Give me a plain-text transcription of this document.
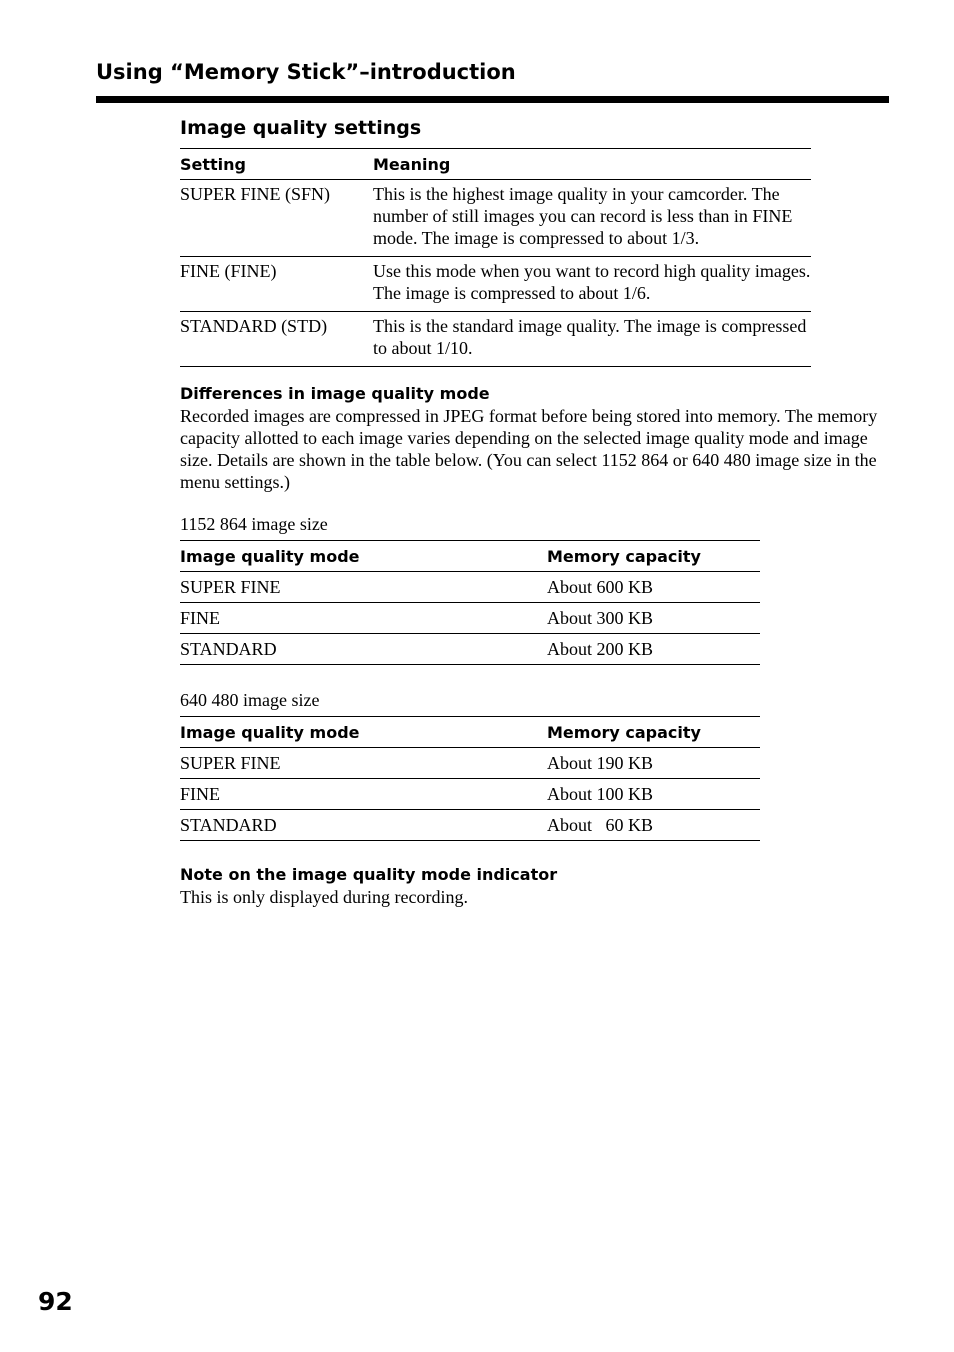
Using “Memory Stick”–introduction
Image quality settings
Setting	Meaning
SUPER FINE (SFN)	This is the highest image quality in your camcorder. The number of still images you can record is less than in FINE mode. The image is compressed to about 1/3.
FINE (FINE)	Use this mode when you want to record high quality images. The image is compressed to about 1/6.
STANDARD (STD)	This is the standard image quality. The image is compressed to about 1/10.
Differences in image quality mode
Recorded images are compressed in JPEG format before being stored into memory. The memory capacity allotted to each image varies depending on the selected image quality mode and image size. Details are shown in the table below. (You can select 1152 864 or 640 480 image size in the menu settings.)
1152 864 image size
Image quality mode	Memory capacity
SUPER FINE	About 600 KB
FINE	About 300 KB
STANDARD	About 200 KB
640 480 image size
Image quality mode	Memory capacity
SUPER FINE	About 190 KB
FINE	About 100 KB
STANDARD	About   60 KB
Note on the image quality mode indicator
This is only displayed during recording.
92
